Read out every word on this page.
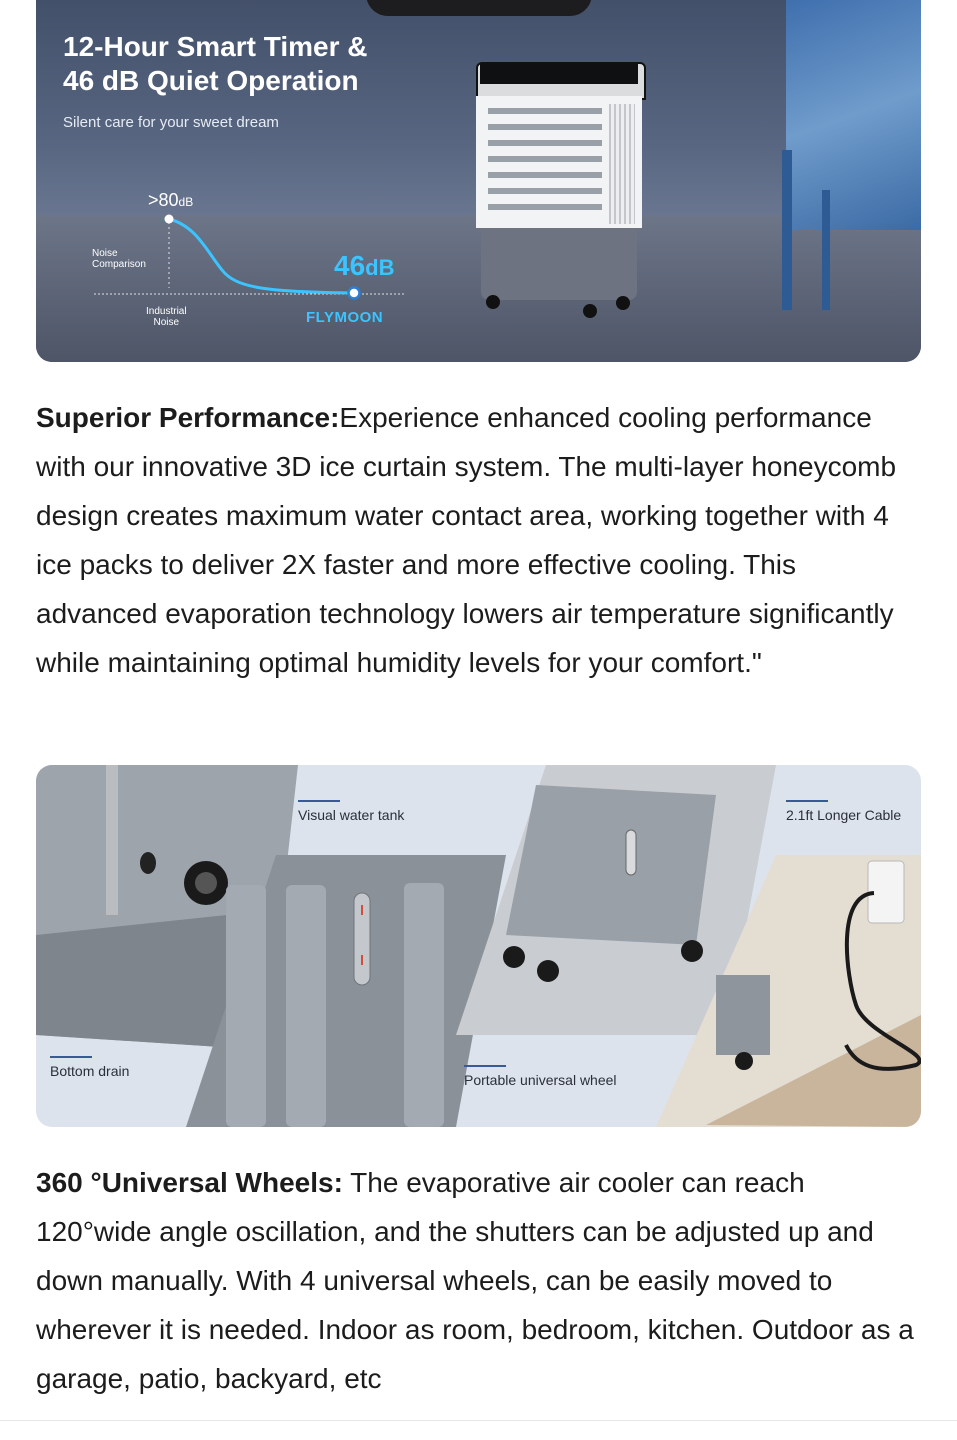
12-Hour Smart Timer &
46 dB Quiet Operation
Silent care for your sweet dream
Noise
Comparison
>80dB
46dB
Industrial
Noise	FLYMOON

Superior Performance:Experience enhanced cooling performance with our innovative 3D ice curtain system. The multi-layer honeycomb design creates maximum water contact area, working together with 4 ice packs to deliver 2X faster and more effective cooling. This advanced evaporation technology lowers air temperature significantly while maintaining optimal humidity levels for your comfort."

Visual water tank	2.1ft Longer Cable
Bottom drain
Portable universal wheel

360 °Universal Wheels: The evaporative air cooler can reach 120°wide angle oscillation, and the shutters can be adjusted up and down manually. With 4 universal wheels, can be easily moved to wherever it is needed. Indoor as room, bedroom, kitchen. Outdoor as a garage, patio, backyard, etc
